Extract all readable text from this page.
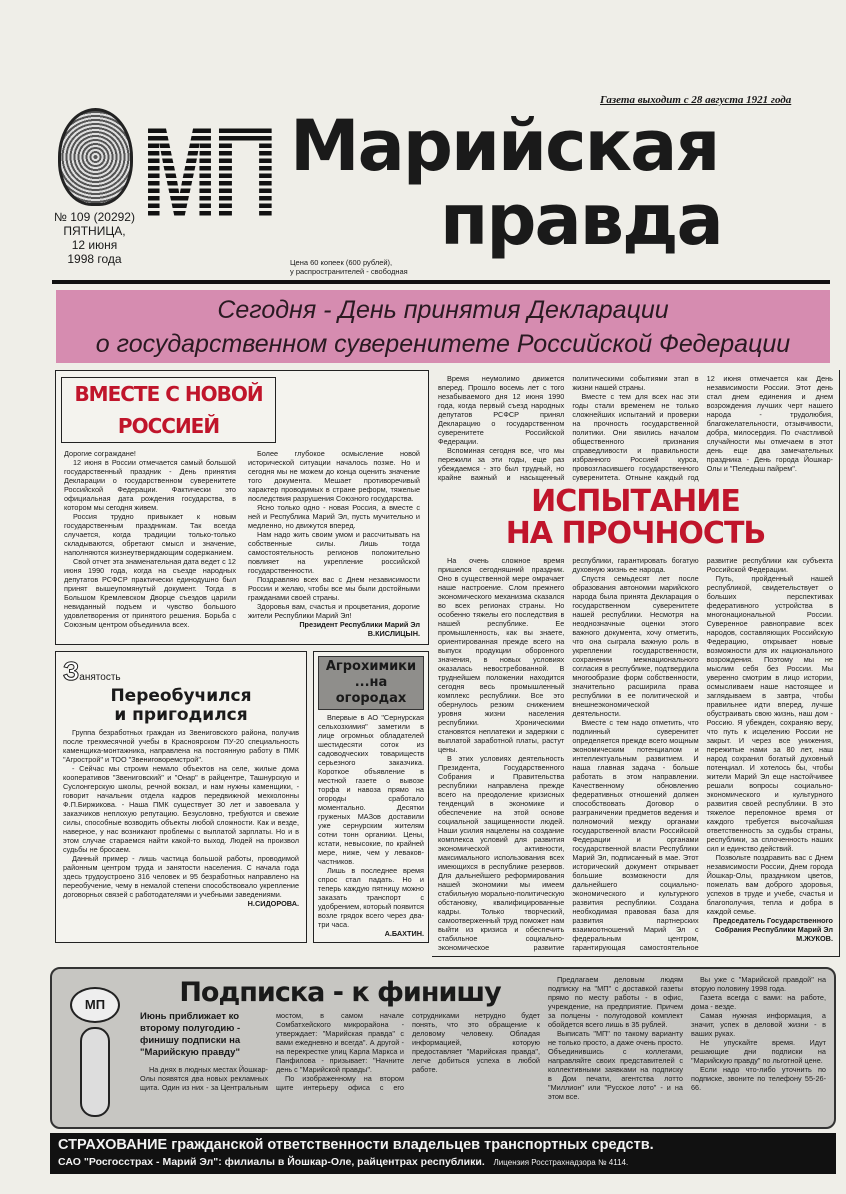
Газета выходит с 28 августа 1921 года
№ 109 (20292)
ПЯТНИЦА,
12 июня
1998 года
МП Марийская
правда
Цена 60 копеек (600 рублей),
у распространителей - свободная
Сегодня - День принятия Декларации
о государственном суверенитете Российской Федерации
ВМЕСТЕ С НОВОЙ РОССИЕЙ
Дорогие сограждане!

12 июня в России отмечается самый большой государственный праздник - День принятия Декларации о государственном суверенитете Российской Федерации. Фактически это официальная дата рождения государства, в котором мы сегодня живем.

Россия трудно привыкает к новым государственным праздникам. Так всегда случается, когда традиции только-только складываются, обретают смысл и значение, наполняются жизнеутверждающим содержанием.

Свой отчет эта знаменательная дата ведет с 12 июня 1990 года, когда на съезде народных депутатов РСФСР практически единодушно был принят вышеупомянутый документ. Тогда в Большом Кремлевском Дворце съездов царили невиданный подъем и чувство большого удовлетворения от принятого решения. Борьба с Союзным центром объединила всех.

Более глубокое осмысление новой исторической ситуации началось позже. Но и сегодня мы не можем до конца оценить значение того документа. Мешает противоречивый характер проводимых в стране реформ, тяжелые последствия разрушения Союзного государства.

Ясно только одно - новая Россия, а вместе с ней и Республика Марий Эл, пусть мучительно и медленно, но движутся вперед.

Нам надо жить своим умом и рассчитывать на собственные силы. Лишь тогда самостоятельность регионов положительно повлияет на укрепление российской государственности.

Поздравляю всех вас с Днем независимости России и желаю, чтобы все мы были достойными гражданами своей страны.

Здоровья вам, счастья и процветания, дорогие жители Республики Марий Эл!

Президент Республики Марий Эл
В.КИСЛИЦЫН.
Занятость
Переобучился
и пригодился

Группа безработных граждан из Звениговского района, получив после трехмесячной учебы в Красноярском ПУ-20 специальность каменщика-монтажника, направлена на постоянную работу в ПМК "Агрострой" и ТОО "Звениговоремстрой".

- Сейчас мы строим немало объектов на селе, жилые дома кооперативов "Звениговский" и "Онар" в райцентре, Ташнурскую и Суслонгерскую школы, речной вокзал, и нам нужны каменщики, - говорит начальник отдела кадров передвижной мехколонны Ф.П.Биржикова. - Наша ПМК существует 30 лет и завоевала у заказчиков неплохую репутацию. Безусловно, требуются и свежие силы, способные возводить объекты любой сложности. Как и везде, наверное, у нас возникают проблемы с выплатой зарплаты. Но и в этом случае стараемся найти какой-то выход. Людей на произвол судьбы не бросаем.

Данный пример - лишь частица большой работы, проводимой районным центром труда и занятости населения. С начала года здесь трудоустроено 316 человек и 95 безработных направлено на переобучение, чему в немалой степени способствовало укрепление договорных связей с работодателями и учебными заведениями.

Н.СИДОРОВА.
Агрохимики
...на огородах

Впервые в АО "Сернурская сельхозхимия" заметили в лице огромных обладателей шестидесяти соток из садоводческих товариществ серьезного заказчика. Короткое объявление в местной газете о вывозе торфа и навоза прямо на огороды сработало моментально. Десятки груженых МАЗов доставили уже сернурским жителям сотни тонн органики. Цены, кстати, невысокие, по крайней мере, ниже, чем у левaков-частников.

Лишь в последнее время спрос стал падать. Но и теперь каждую пятницу можно заказать транспорт с удобрением, который появится возле грядок всего через два-три часа.

А.БАХТИН.

Время неумолимо движется вперед. Прошло восемь лет с того незабываемого дня 12 июня 1990 года, когда первый съезд народных депутатов РСФСР принял Декларацию о государственном суверенитете Российской Федерации.

Вспоминая сегодня все, что мы пережили за эти годы, еще раз убеждаемся - это был трудный, но крайне важный и насыщенный политическими событиями этап в жизни нашей страны.

Вместе с тем для всех нас эти годы стали временем не только сложнейших испытаний и проверки на прочность государственной политики. Они явились началом общественного признания справедливости и правильности избранного Россией курса, провозгласившего государственного суверенитета. Отныне каждый год 12 июня отмечается как День независимости России. Этот день стал днем единения и днем возрождения лучших черт нашего народа - трудолюбия, благожелательности, отзывчивости, добра, милосердия. По счастливой случайности мы отмечаем в этот день еще два замечательных праздника - День города Йошкар-Олы и "Пеледыш пайрем".

ИСПЫТАНИЕ
НА ПРОЧНОСТЬ

На очень сложное время пришелся сегодняшний праздник. Оно в существенной мере омрачает наше настроение. Слом прежнего экономического механизма сказался во всех регионах страны. Но особенно тяжелы его последствия в нашей республике. Ее промышленность, как вы знаете, ориентированная прежде всего на выпуск продукции оборонного значения, в новых условиях оказалась невостребованной. В труднейшем положении находится сегодня весь промышленный комплекс республики. Все это обернулось резким снижением уровня жизни населения республики. Хроническими становятся неплатежи и задержки с выплатой заработной платы, растут цены.

В этих условиях деятельность Президента, Государственного Собрания и Правительства республики направлена прежде всего на преодоление кризисных тенденций в экономике и обеспечение на этой основе социальной защищенности людей. Наши усилия нацелены на создание комплекса условий для развития экономической активности, максимального использования всех имеющихся в республике резервов. Для дальнейшего реформирования нашей экономики мы имеем стабильную морально-политическую обстановку, квалифицированные кадры. Только творческий, самоотверженный труд поможет нам выйти из кризиса и обеспечить стабильное социально-экономическое развитие республики, гарантировать богатую духовную жизнь ее народа.

Спустя семьдесят лет после образования автономии марийского народа была принята Декларация о государственном суверенитете нашей республики. Несмотря на неоднозначные оценки этого важного документа, хочу отметить, что она сыграла важную роль в укреплении государственности, сохранении межнационального согласия в республике, подтвердила многообразие форм собственности, значительно расширила права республики в ее политической и внешнеэкономической деятельности.

Вместе с тем надо отметить, что подлинный суверенитет определяется прежде всего мощным экономическим потенциалом и интеллектуальным развитием. И наша главная задача - больше работать в этом направлении. Качественному обновлению федеративных отношений должен способствовать Договор о разграничении предметов ведения и полномочий между органами государственной власти Российской Федерации и органами государственной власти Республики Марий Эл, подписанный в мае. Этот исторический документ открывает большие возможности для дальнейшего социально-экономического и культурного развития республики. Создана необходимая правовая база для развития партнерских взаимоотношений Марий Эл с федеральным центром, гарантирующая самостоятельное развитие республики как субъекта Российской Федерации.

Путь, пройденный нашей республикой, свидетельствует о больших перспективах федеративного устройства в многонациональной России. Суверенное равноправие всех народов, составляющих Российскую Федерацию, открывает новые возможности для их национального возрождения. Поэтому мы не мыслим себя без России. Мы уверенно смотрим в лицо истории, осмысливаем наше настоящее и заглядываем в завтра, чтобы правильнее идти вперед, лучше обустраивать свою жизнь, наш дом - Россию. Я убежден, сохраняю веру, что путь к исцелению России не закрыт. И через все унижения, пережитые нами за 80 лет, наш народ сохранил богатый духовный потенциал. И хотелось бы, чтобы жители Марий Эл еще настойчивее решали вопросы социально-экономического и культурного развития своей республики. В это тяжелое переломное время от каждого требуется высочайшая ответственность за судьбы страны, республики, за сплоченность наших сил и единство действий.

Позвольте поздравить вас с Днем независимости России, Днем города Йошкар-Олы, праздником цветов, пожелать вам доброго здоровья, успехов в труде и учебе, счастья и благополучия, тепла и добра в каждой семье.

Председатель Государственного Собрания Республики Марий Эл
М.ЖУКОВ.
МП	Подписка - к финишу
Июнь приближает ко второму полугодию - финишу подписки на "Марийскую правду"

На днях в людных местах Йошкар-Олы появятся два новых рекламных щита. Один из них - за Центральным мостом, в самом начале Сомбатхейского микрорайона - утверждает: "Марийская правда" с вами ежедневно и всегда". А другой - на перекрестке улиц Карла Маркса и Панфилова - призывает: "Начните день с "Марийской правды".

По изображенному на втором щите интерьеру офиса с его сотрудниками нетрудно будет понять, что это обращение к деловому человеку. Обладая информацией, которую предоставляет "Марийская правда", легче добиться успеха в любой работе.

Предлагаем деловым людям подписку на "МП" с доставкой газеты прямо по месту работы - в офис, учреждение, на предприятие. Причем за полцены - полугодовой комплект обойдется всего лишь в 35 рублей.

Выписать "МП" по такому варианту не только просто, а даже очень просто. Объединившись с коллегами, направляйте своих представителей с коллективными заявками на подписку в Дом печати, агентства лотто "Миллион" или "Русское лото" - и на этом все.

Вы уже с "Марийской правдой" на вторую половину 1998 года.

Газета всегда с вами: на работе, дома - везде.

Самая нужная информация, а значит, успех в деловой жизни - в ваших руках.

Не упускайте время. Идут решающие дни подписки на "Марийскую правду" по льготной цене.

Если надо что-либо уточнить по подписке, звоните по телефону 55-26-66.

СТРАХОВАНИЕ гражданской ответственности владельцев транспортных средств.
САО "Росгосстрах - Марий Эл": филиалы в Йошкар-Оле, райцентрах республики. Лицензия Росстрахнадзора № 4114.
